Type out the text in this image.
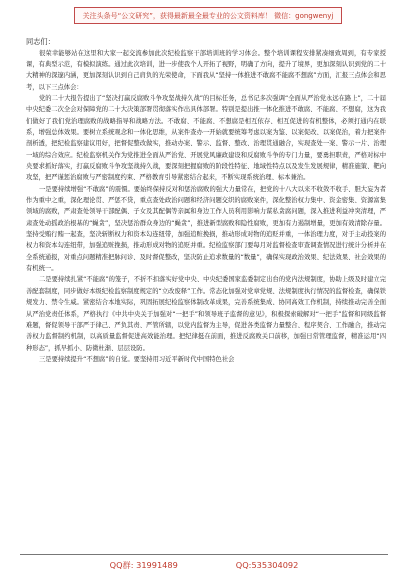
关注头条号“公文研究”，获得最新最全最专业的公文资料库！ 微信：gongwenyj

同志们：

很荣幸能够站在这里和大家一起交流参加此次纪检监察干部培训班的学习体会。整个培训课程安排紧凑细致周到，有专家授课，有典型示范，有模拟演练。通过此次培训，进一步使我个人开拓了视野，明确了方向，提升了境界，更加深刻认识到党的二十大精神的深邃内涵，更加深刻认识到自己肩负的光荣使命，下面我从“坚持一体推进不敢腐不能腐不想腐”方面，汇报三点体会和思考，以下三点体会：

党的二十大报告提出了“坚决打赢反腐败斗争攻坚战持久战”的目标任务，总书记多次强调“全面从严治党永远在路上”，二十届中央纪委二次全会对保障党的二十大决策部署贯彻落实作出具体部署。特别是提出推一体化推进不敢腐、不能腐、不想腐，这为我们做好了我们党治理腐败的战略指导和战略方法。不敢腐、不能腐、不想腐是相互依存、相互促进的有机整体，必须打通内在联系，增强总体效果。要树立系统观念和一体化思维，从案件查办一开始就要统筹考虑以案为鉴、以案促改、以案促治，着力把案件剖析透，把纪检监察建议用好，把督促整改做实，推动办案、警示、监督、整改、治理贯通融合，实现查处一案、警示一片、治理一域的综合效应。纪检监察机关作为党推进全面从严治党、开展党风廉政建设和反腐败斗争的专门力量，要勇担职责，严格对标中央要求抓好落实，打赢反腐败斗争攻坚战持久战，要深刻把握腐败的阶段性特征、地域性特点以及发生发展规律，精准施策、靶向攻坚，把严谨惩治腐败与严密制度约束、严格教育引导紧密结合起来，不断实现系统治理、标本兼治。

一是要持续增强“不敢腐”的震慑。要始终保持反对和惩治腐败的强大力量常在，把党的十八大以来不收敛不收手、胆大妄为者作为重中之重，深化理论贯、严惩不贷，重点查处政治问题和经济问题交织的腐败案件，深化整治权力集中、资金密集、资源富集领域的腐败，严肃查处领导干部配偶、子女及其配偶等亲属和身边工作人员利用影响力谋私贪腐问题，深入推进利益冲突清理，严肃查处动摇政治根基的“蝇贪”，坚决惩治群众身边的“蝇贪”，推进新型腐败和隐性腐败，更加有力遏制增量，更加有效清除存量。坚持受贿行贿一起查，坚决斩断权力和资本勾连纽带，加强追赃挽损，推动形成对物的追贬并重，一体治理力度，对于主动投案的权力和资本勾连纽带，加强追赃挽损，推动形成对物的追贬并重。纪检监察部门要每月对监督检查审查调查情况进行统计分析并在全系统通报，对重点问题精准把脉问诊、及时督促整改，坚决防止追求数量的“数量”，确保实现政治效果、纪法效果、社会效果的有机统一。

二是要持续扎紧“不能腐”的笼子，不折不扣落实好党中央、中央纪委国家监委制定出台的党内法规制度，协助上级及时建立完善配套制度，同步做好本级纪检监察制度规定的“立改废释”工作。常态化加强对党章党规、法规制度执行情况的监督检查，确保铁规发力、禁令生威。紧密结合本地实际，巩固拓展纪检监察体制改革成果，完善系统集成、协同高效工作机制，持续推动完善全面从严治党责任体系，严格执行《中共中央关于加强对“一把手”和领导班子监督的意见》，积极探索破解对“一把手”监督和同级监督难题，督促领导干部严于律己、严负其责、严管所辖，以党内监督为主导，促进各类监督力量整合、程序契合、工作融合，推动完善权力监督制约机制，以高质量监督促进高效能治理。把纪律挺在前面，推进反腐败关口前移，加强日常管理监督，精准运用“四种形态”，抓早抓小、防微杜渐、层层设防。

三是要持续提升“不想腐”的自觉。要坚持用习近平新时代中国特色社会

QQ群: 31991489	QQ:535304092
